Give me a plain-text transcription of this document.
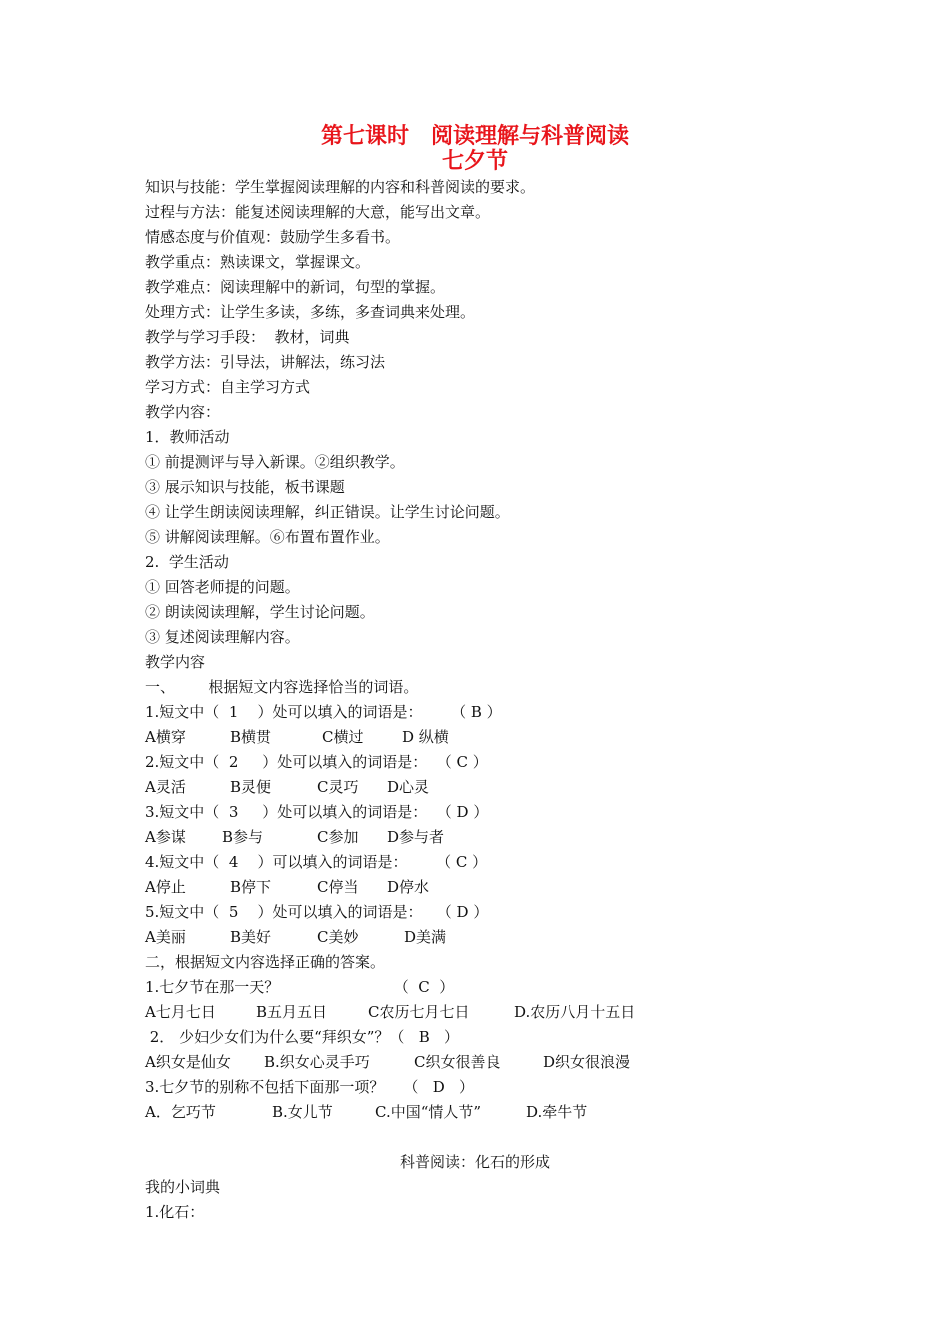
第七课时　阅读理解与科普阅读
七夕节
知识与技能：学生掌握阅读理解的内容和科普阅读的要求。
过程与方法：能复述阅读理解的大意，能写出文章。
情感态度与价值观：鼓励学生多看书。
教学重点：熟读课文，掌握课文。
教学难点：阅读理解中的新词，句型的掌握。
处理方式：让学生多读，多练，多查词典来处理。
教学与学习手段：  教材，词典
教学方法：引导法，讲解法，练习法
学习方式：自主学习方式
教学内容：
1．教师活动
① 前提测评与导入新课。②组织教学。
③ 展示知识与技能，板书课题
④ 让学生朗读阅读理解，纠正错误。让学生讨论问题。
⑤ 讲解阅读理解。⑥布置布置作业。
2.  学生活动
① 回答老师提的问题。
② 朗读阅读理解，学生讨论问题。
③ 复述阅读理解内容。
教学内容
一、       根据短文内容选择恰当的词语。
1.短文中（  1    ）处可以填入的词语是：      （ B ）
A横穿	B横贯	C横过	D 纵横
2.短文中（  2     ）处可以填入的词语是：  （ C ）
A灵活	B灵便	C灵巧 D心灵
3.短文中（  3     ）处可以填入的词语是：  （ D ）
A参谋 B参与	C参加 D参与者
4.短文中（  4    ）可以填入的词语是：      （ C ）
A停止	B停下	C停当 D停水
5.短文中（  5    ）处可以填入的词语是：   （ D ）
A美丽	B美好	C美妙	D美满
二，根据短文内容选择正确的答案。
1.七夕节在那一天？                        （  C  ）
A七月七日	B五月五日	C农历七月七日	D.农历八月十五日
2． 少妇少女们为什么要“拜织女”？（   B   ）
A织女是仙女 B.织女心灵手巧	C织女很善良	D织女很浪漫
3.七夕节的别称不包括下面那一项？    （   D   ）
A．乞巧节	B.女儿节	C.中国“情人节”	D.牵牛节
科普阅读：化石的形成
我的小词典
1.化石：
